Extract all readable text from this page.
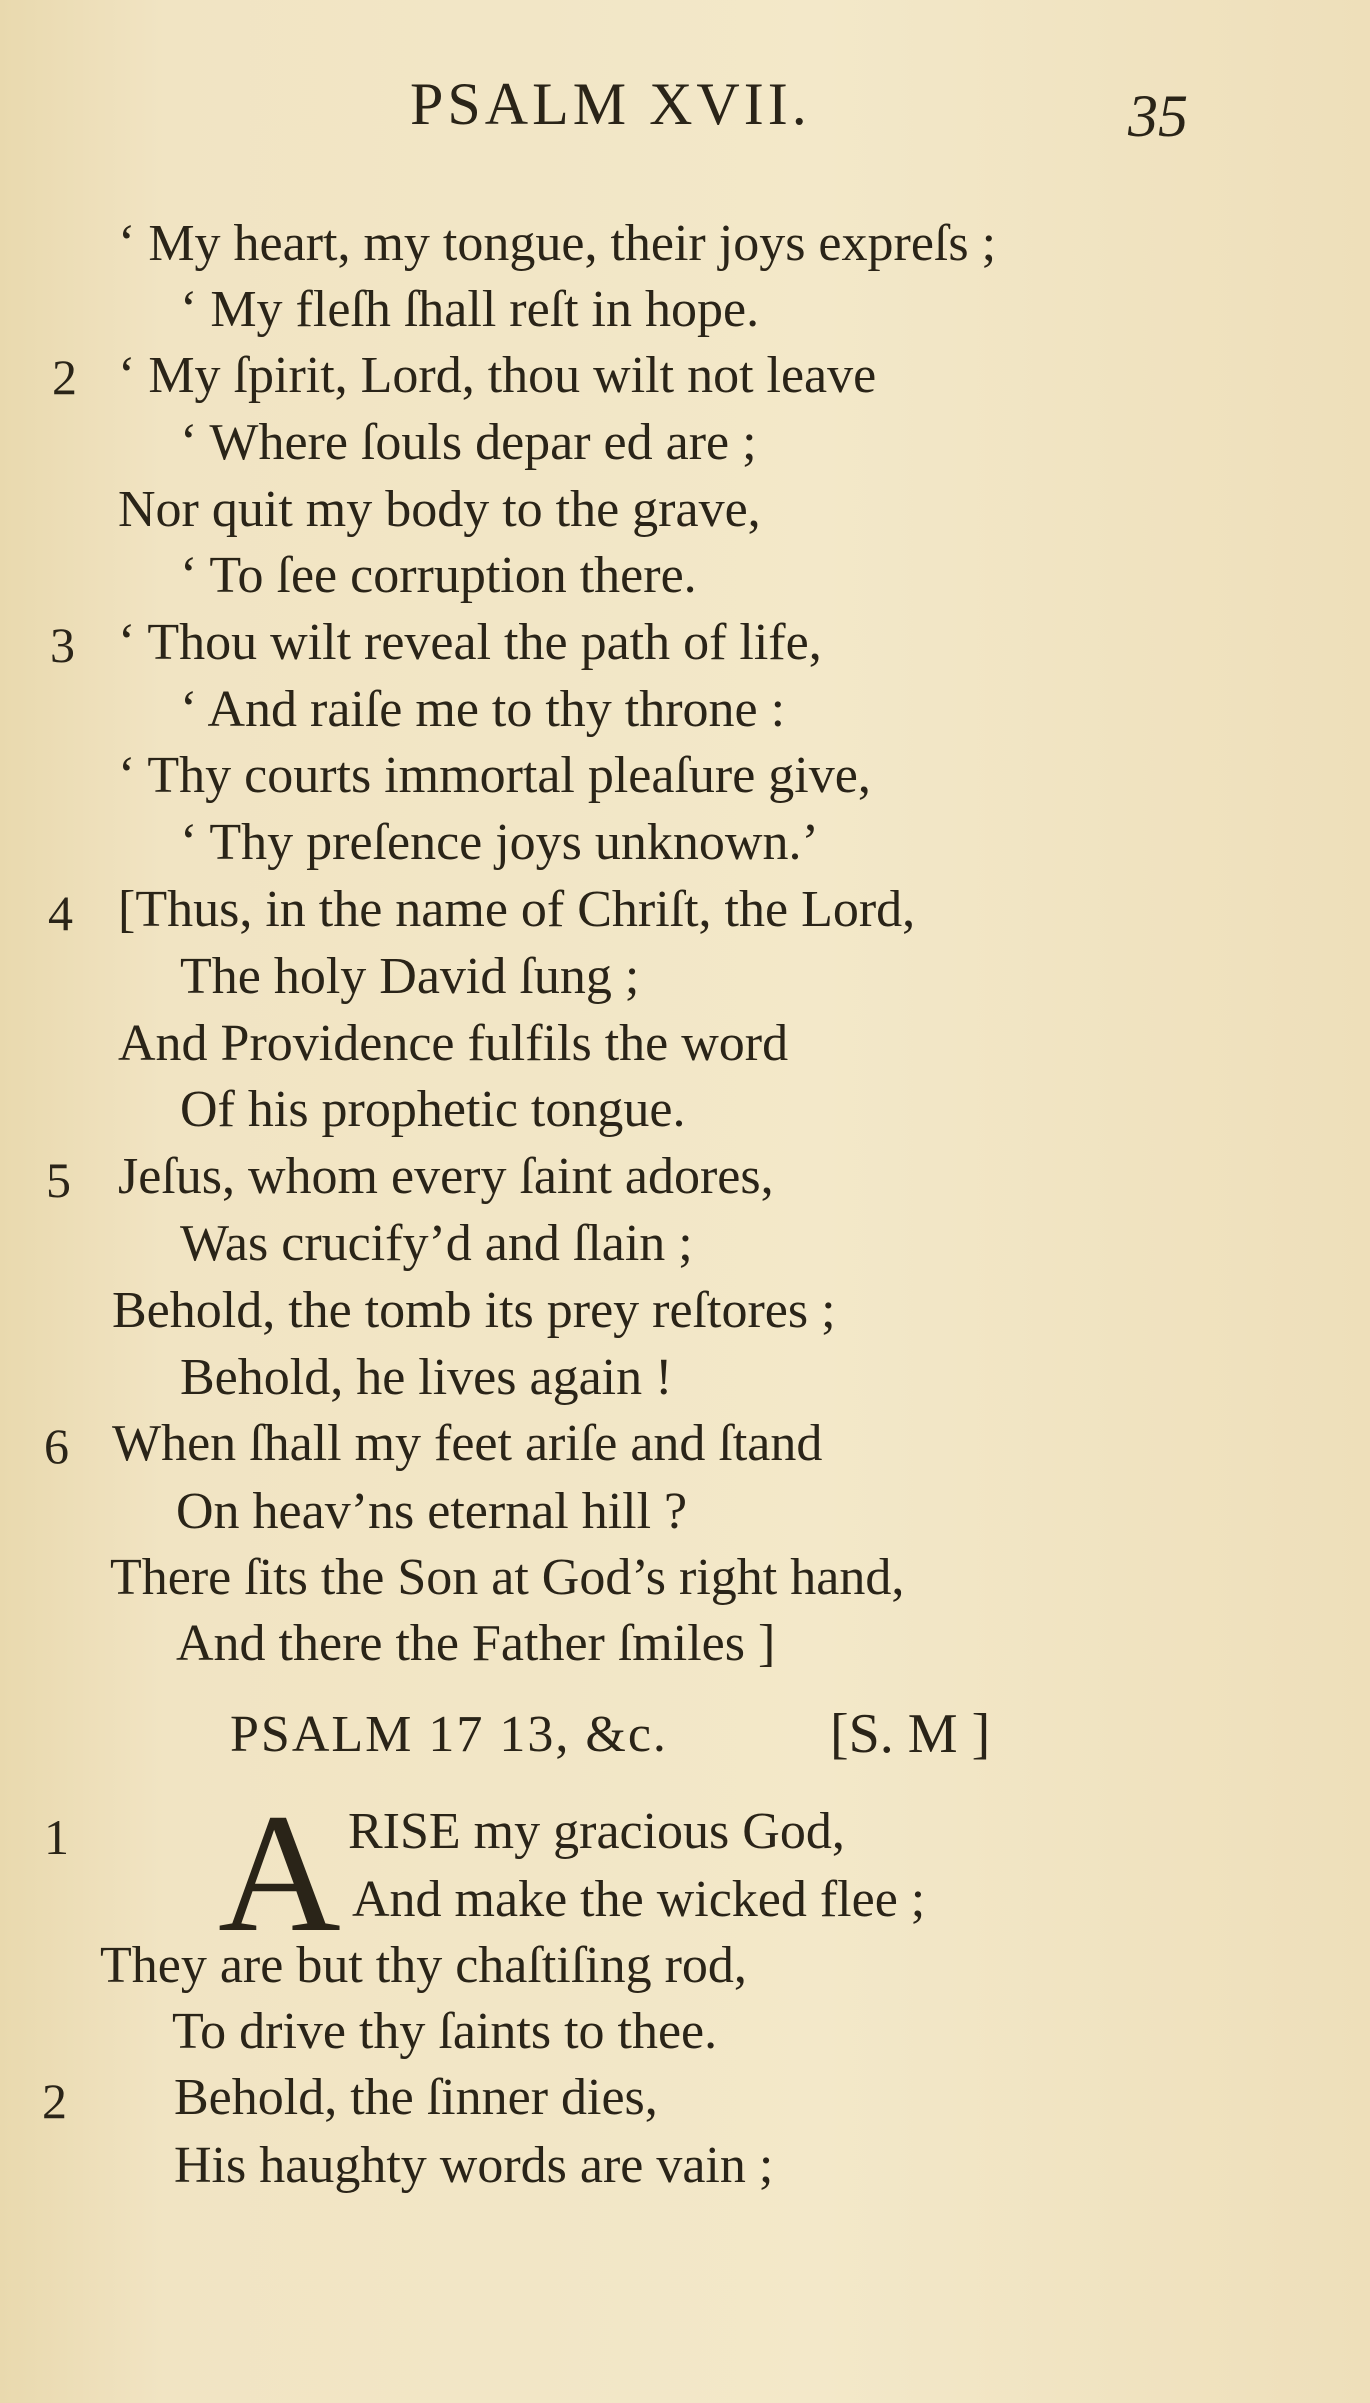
PSALM XVII.	35
‘ My heart, my tongue, their joys expreſs ;
‘ My fleſh ſhall reſt in hope.
2 ‘ My ſpirit, Lord, thou wilt not leave
‘ Where ſouls depar ed are ;
Nor quit my body to the grave,
‘ To ſee corruption there.
3 ‘ Thou wilt reveal the path of life,
‘ And raiſe me to thy throne :
‘ Thy courts immortal pleaſure give,
‘ Thy preſence joys unknown.’
4 [Thus, in the name of Chriſt, the Lord,
The holy David ſung ;
And Providence fulfils the word
Of his prophetic tongue.
5 Jeſus, whom every ſaint adores,
Was crucify’d and ſlain ;
Behold, the tomb its prey reſtores ;
Behold, he lives again !
6 When ſhall my feet ariſe and ſtand
On heav’ns eternal hill ?
There ſits the Son at God’s right hand,
And there the Father ſmiles ]
PSALM 17 13, &c.	[S. M ]
1 A RISE my gracious God,
And make the wicked flee ;
They are but thy chaſtiſing rod,
To drive thy ſaints to thee.
2 Behold, the ſinner dies,
His haughty words are vain ;
